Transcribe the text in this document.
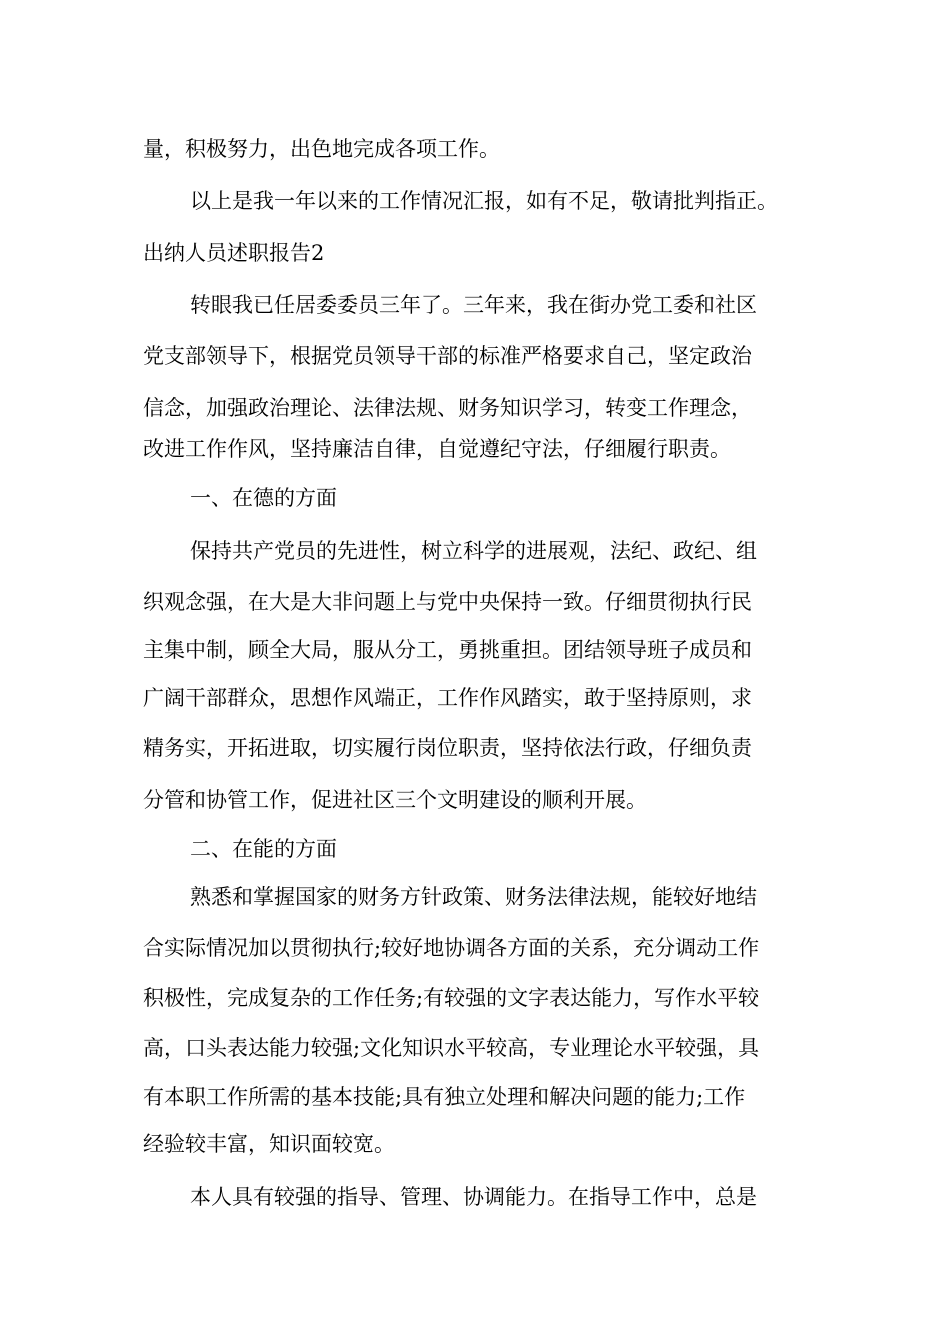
量，积极努力，出色地完成各项工作。
以上是我一年以来的工作情况汇报，如有不足，敬请批判指正。
出纳人员述职报告2
转眼我已任居委委员三年了。三年来，我在街办党工委和社区
党支部领导下，根据党员领导干部的标准严格要求自己，坚定政治
信念，加强政治理论、法律法规、财务知识学习，转变工作理念，
改进工作作风，坚持廉洁自律，自觉遵纪守法，仔细履行职责。
一、在德的方面
保持共产党员的先进性，树立科学的进展观，法纪、政纪、组
织观念强，在大是大非问题上与党中央保持一致。仔细贯彻执行民
主集中制，顾全大局，服从分工，勇挑重担。团结领导班子成员和
广阔干部群众，思想作风端正，工作作风踏实，敢于坚持原则，求
精务实，开拓进取，切实履行岗位职责，坚持依法行政，仔细负责
分管和协管工作，促进社区三个文明建设的顺利开展。
二、在能的方面
熟悉和掌握国家的财务方针政策、财务法律法规，能较好地结
合实际情况加以贯彻执行;较好地协调各方面的关系，充分调动工作
积极性，完成复杂的工作任务;有较强的文字表达能力，写作水平较
高，口头表达能力较强;文化知识水平较高，专业理论水平较强，具
有本职工作所需的基本技能;具有独立处理和解决问题的能力;工作
经验较丰富，知识面较宽。
本人具有较强的指导、管理、协调能力。在指导工作中，总是
